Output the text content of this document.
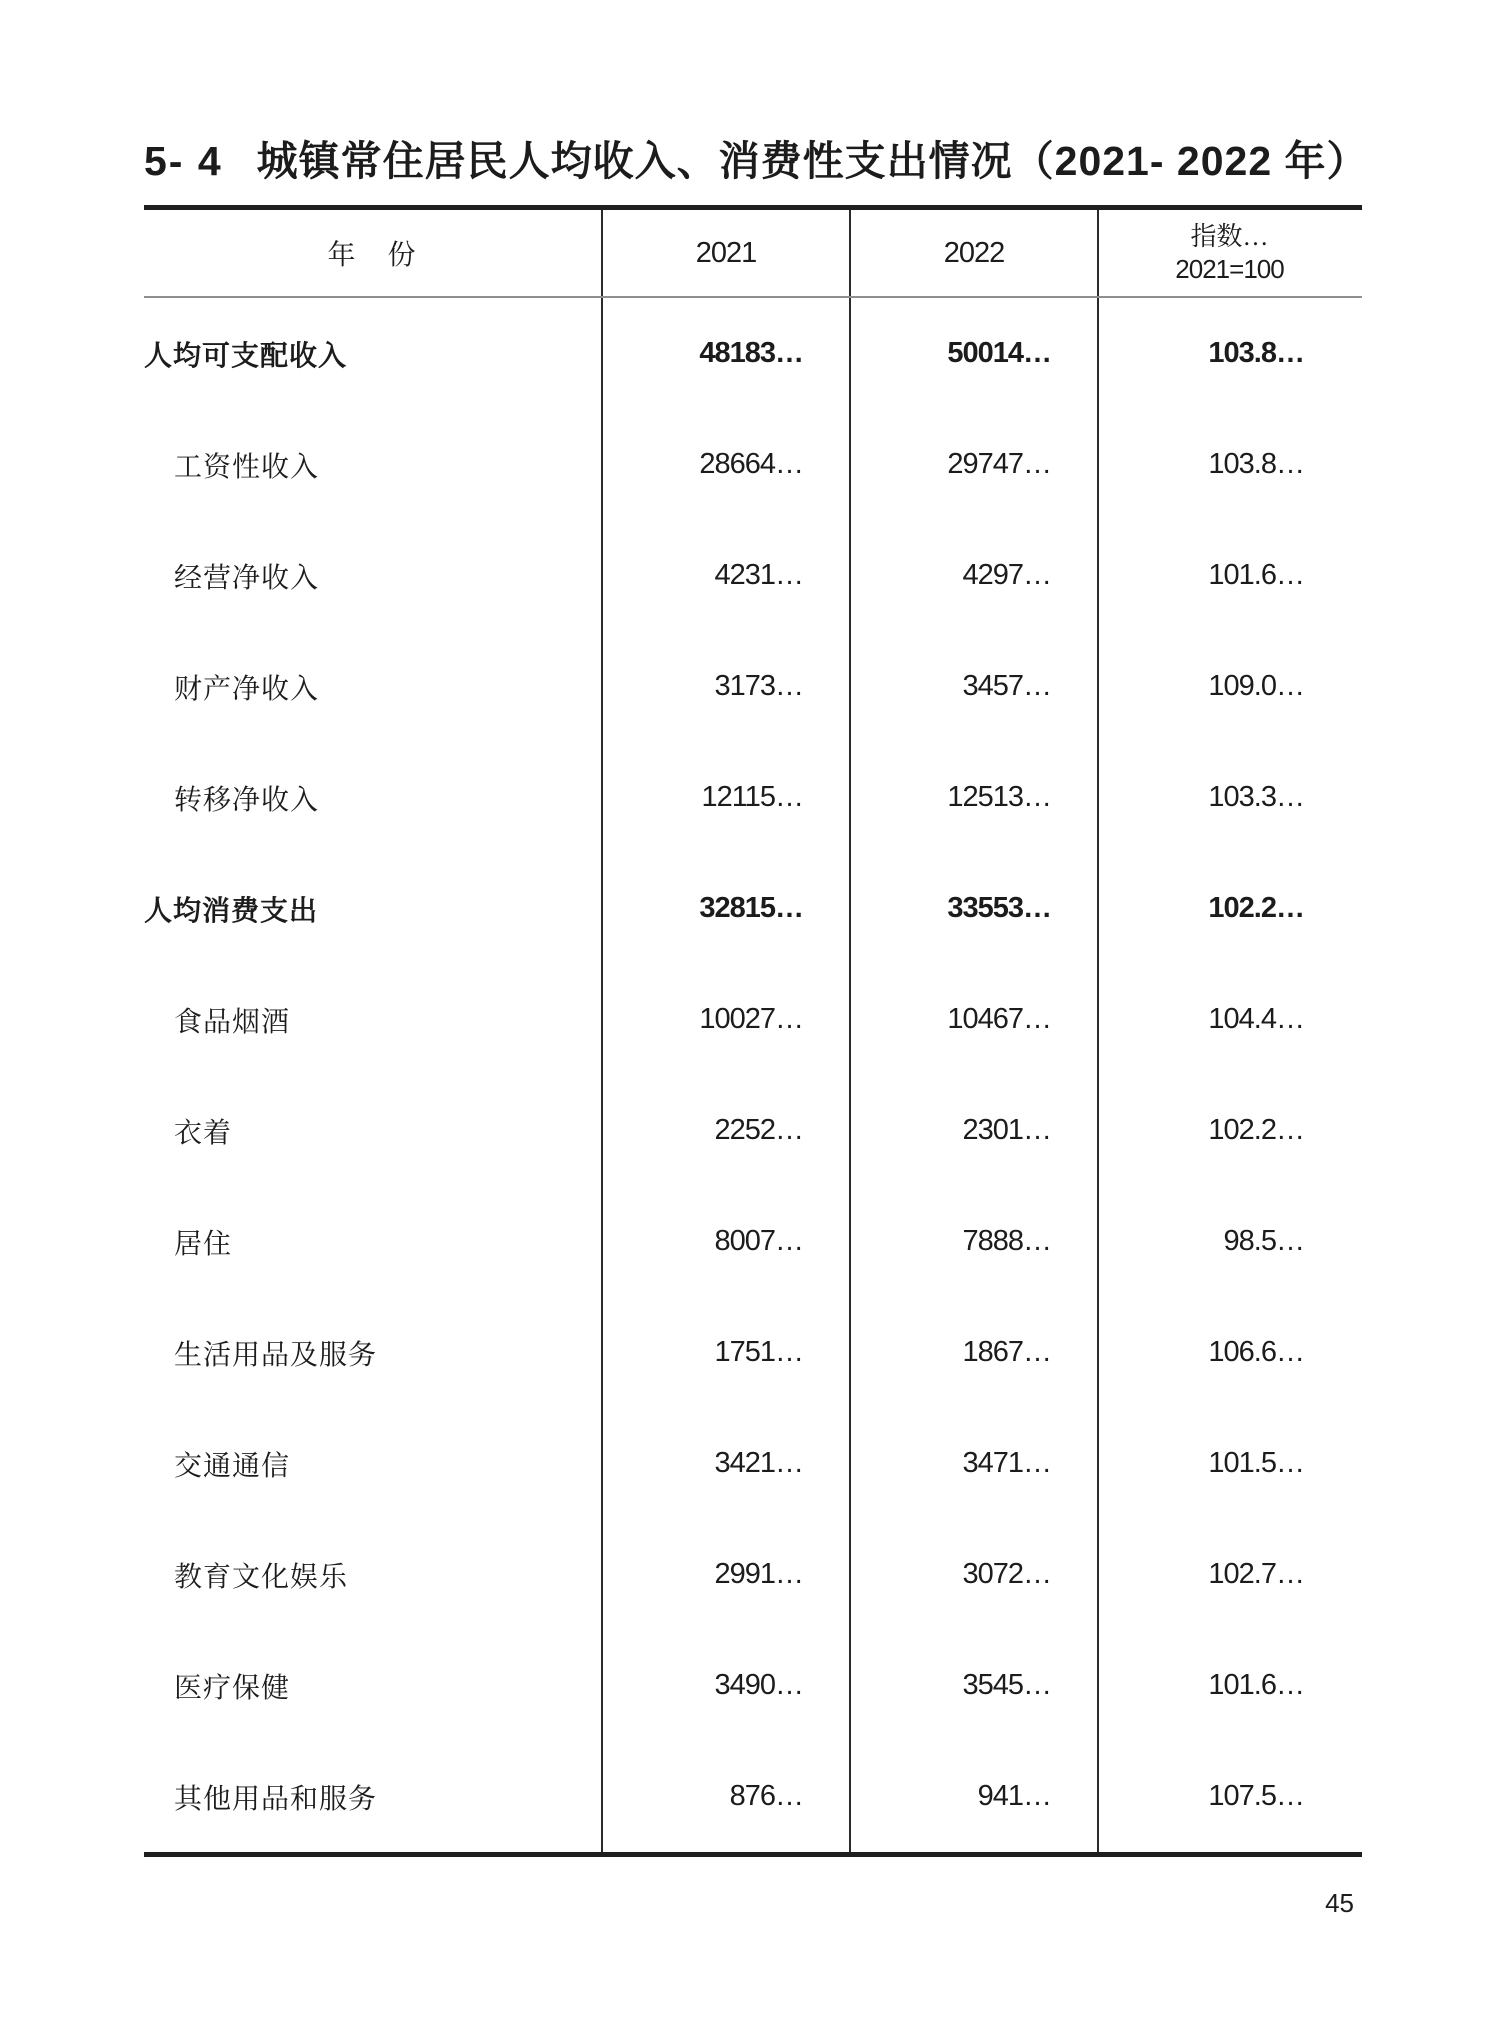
5- 4 城镇常住居民人均收入、消费性支出情况（2021- 2022 年）
年　份	2021	2022	指数…
2021=100
人均可支配收入	48183…	50014…	103.8…
工资性收入	28664…	29747…	103.8…
经营净收入	4231…	4297…	101.6…
财产净收入	3173…	3457…	109.0…
转移净收入	12115…	12513…	103.3…
人均消费支出	32815…	33553…	102.2…
食品烟酒	10027…	10467…	104.4…
衣着	2252…	2301…	102.2…
居住	8007…	7888…	98.5…
生活用品及服务	1751…	1867…	106.6…
交通通信	3421…	3471…	101.5…
教育文化娱乐	2991…	3072…	102.7…
医疗保健	3490…	3545…	101.6…
其他用品和服务	876…	941…	107.5…
45
